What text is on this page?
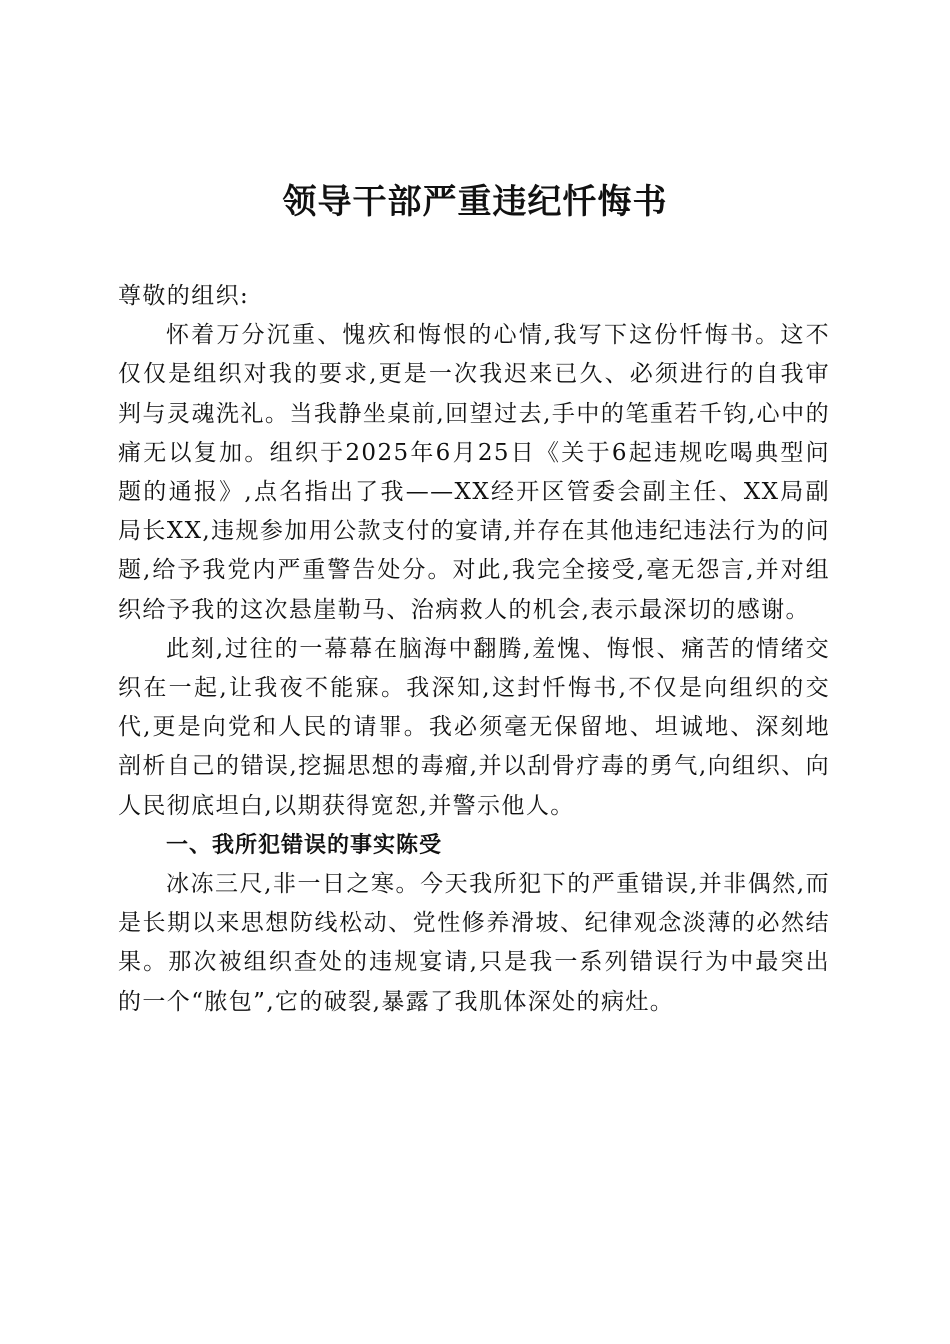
领导干部严重违纪忏悔书

尊敬的组织:

怀着万分沉重、愧疚和悔恨的心情,我写下这份忏悔书。这不仅仅是组织对我的要求,更是一次我迟来已久、必须进行的自我审判与灵魂洗礼。当我静坐桌前,回望过去,手中的笔重若千钧,心中的痛无以复加。组织于2025年6月25日《关于6起违规吃喝典型问题的通报》,点名指出了我——XX经开区管委会副主任、XX局副局长XX,违规参加用公款支付的宴请,并存在其他违纪违法行为的问题,给予我党内严重警告处分。对此,我完全接受,毫无怨言,并对组织给予我的这次悬崖勒马、治病救人的机会,表示最深切的感谢。

此刻,过往的一幕幕在脑海中翻腾,羞愧、悔恨、痛苦的情绪交织在一起,让我夜不能寐。我深知,这封忏悔书,不仅是向组织的交代,更是向党和人民的请罪。我必须毫无保留地、坦诚地、深刻地剖析自己的错误,挖掘思想的毒瘤,并以刮骨疗毒的勇气,向组织、向人民彻底坦白,以期获得宽恕,并警示他人。

一、我所犯错误的事实陈受

冰冻三尺,非一日之寒。今天我所犯下的严重错误,并非偶然,而是长期以来思想防线松动、党性修养滑坡、纪律观念淡薄的必然结果。那次被组织查处的违规宴请,只是我一系列错误行为中最突出的一个“脓包”,它的破裂,暴露了我肌体深处的病灶。
